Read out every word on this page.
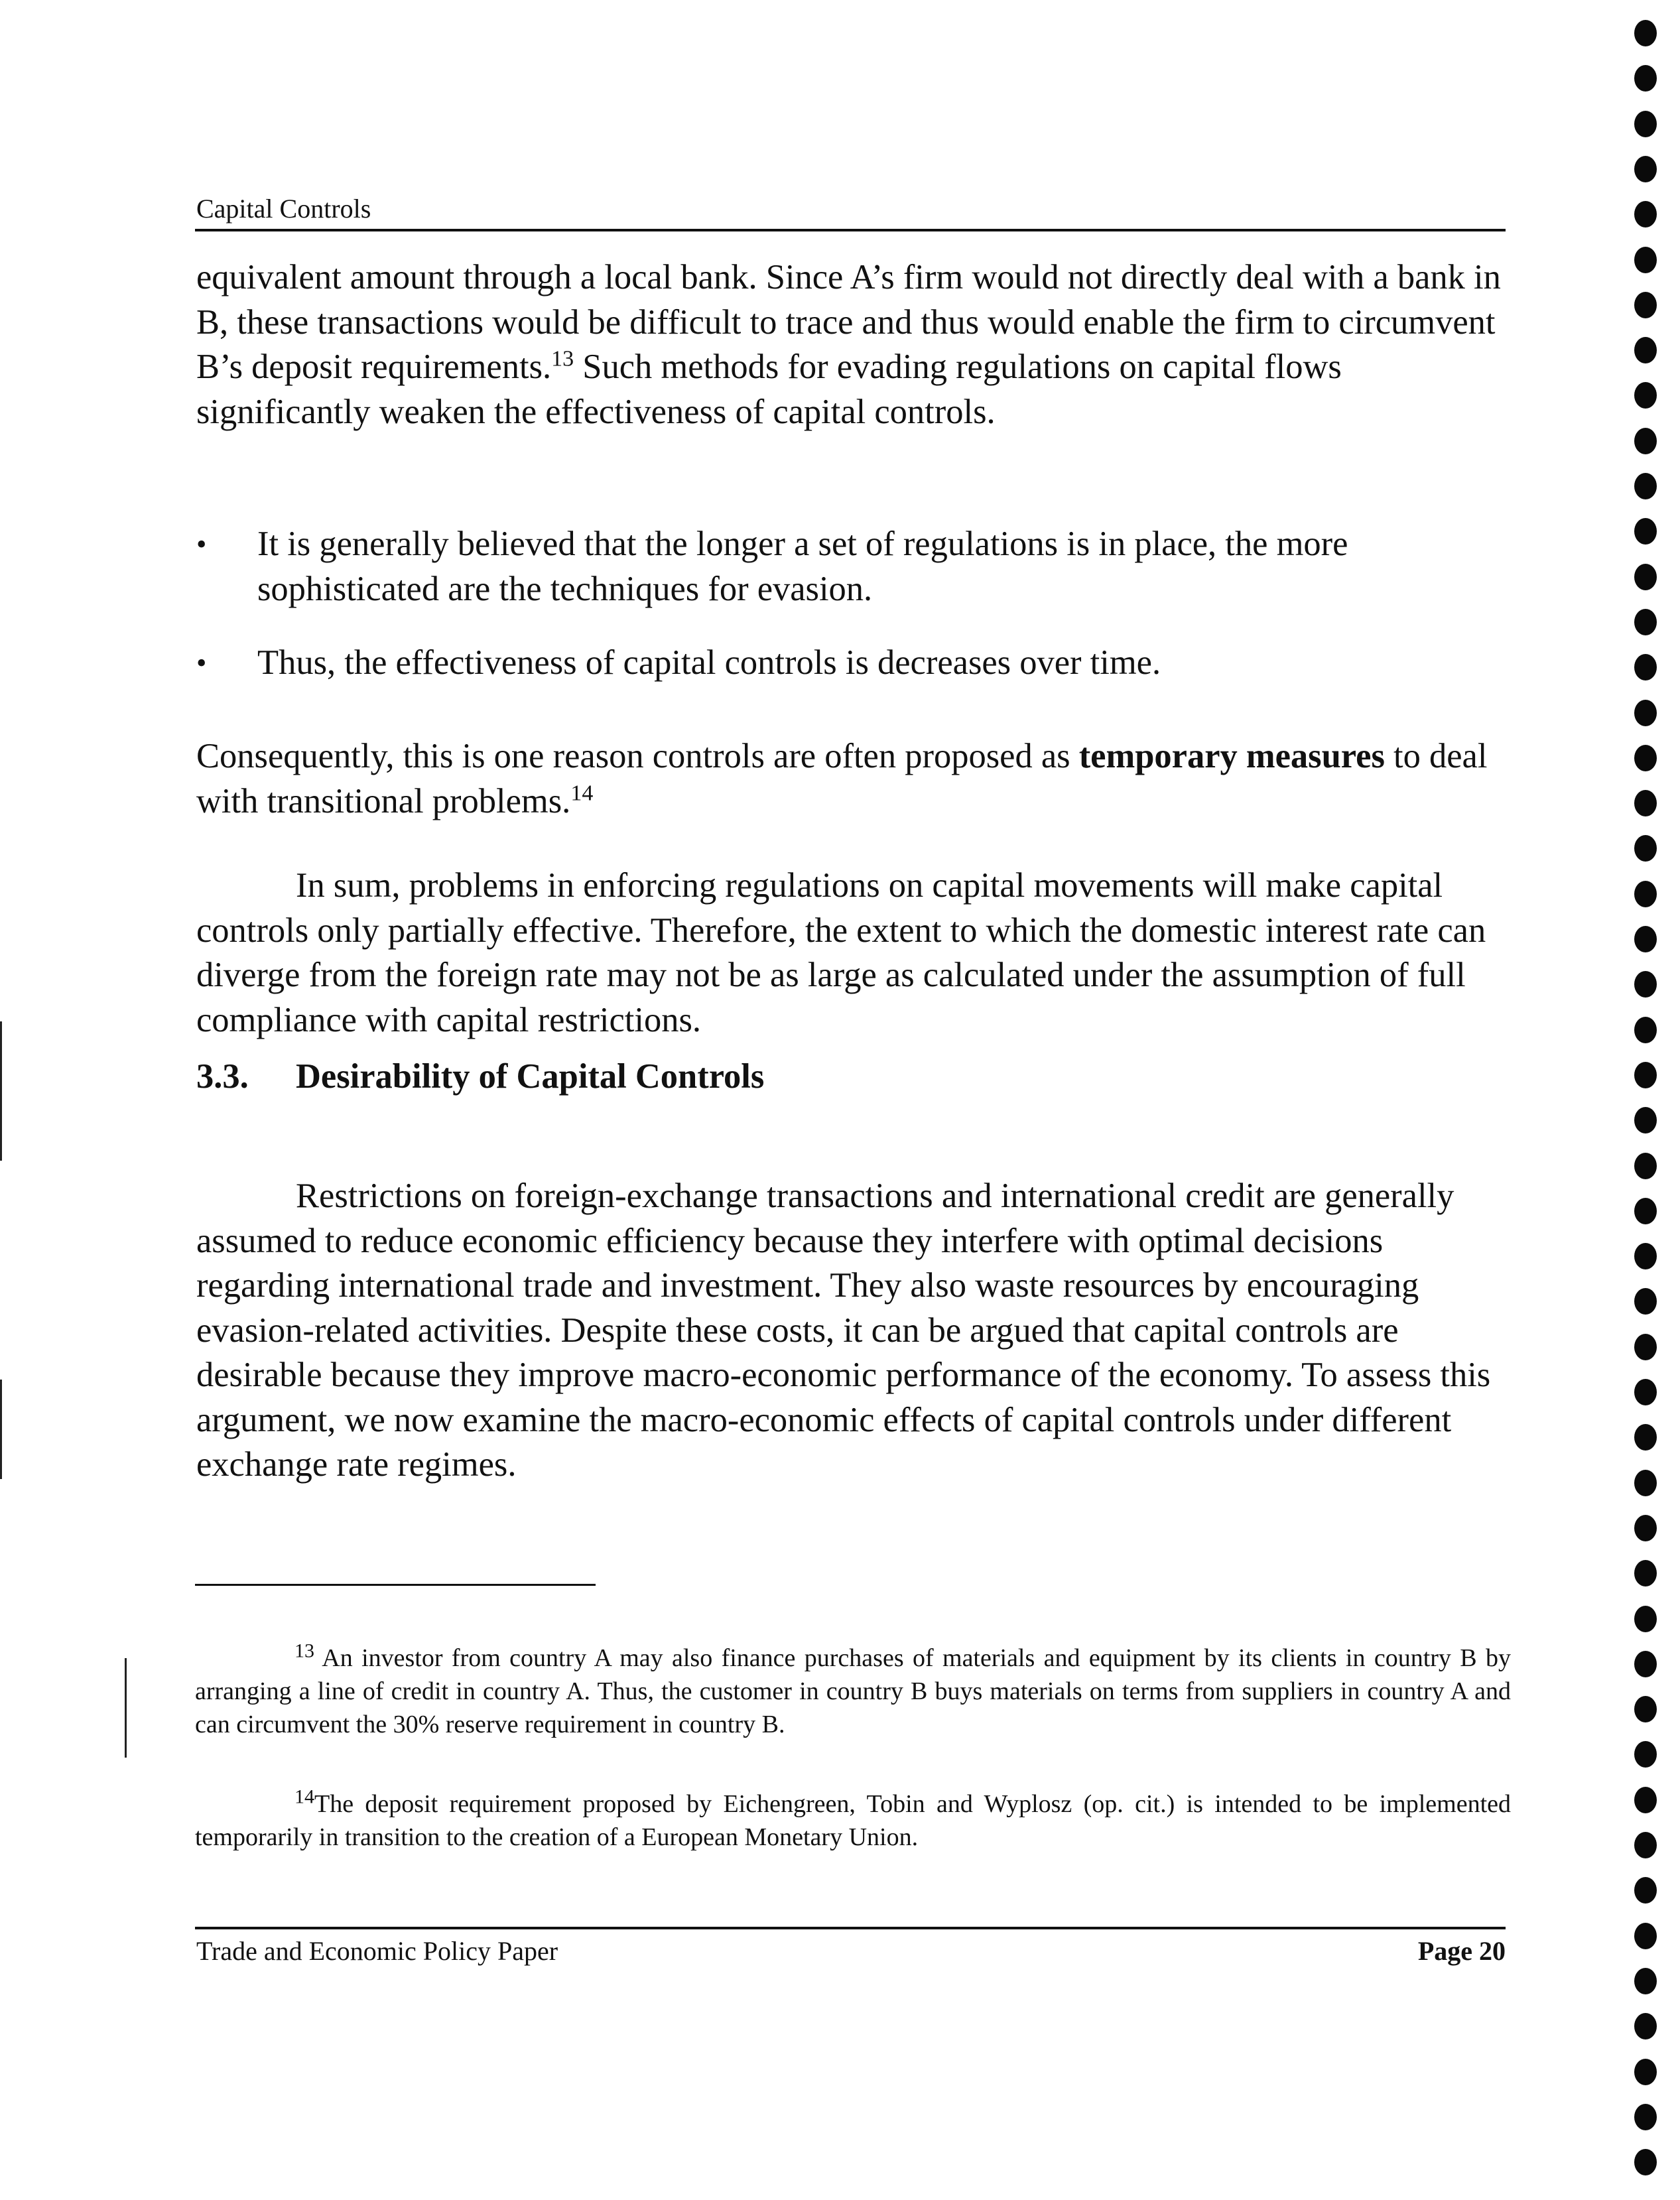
Capital Controls
equivalent amount through a local bank. Since A’s firm would not directly deal with a bank in B, these transactions would be difficult to trace and thus would enable the firm to circumvent B’s deposit requirements.$^{13}$ Such methods for evading regulations on capital flows significantly weaken the effectiveness of capital controls.
• It is generally believed that the longer a set of regulations is in place, the more sophisticated are the techniques for evasion.
• Thus, the effectiveness of capital controls is decreases over time.
Consequently, this is one reason controls are often proposed as temporary measures to deal with transitional problems.$^{14}$
In sum, problems in enforcing regulations on capital movements will make capital controls only partially effective. Therefore, the extent to which the domestic interest rate can diverge from the foreign rate may not be as large as calculated under the assumption of full compliance with capital restrictions.
3.3. Desirability of Capital Controls
Restrictions on foreign-exchange transactions and international credit are generally assumed to reduce economic efficiency because they interfere with optimal decisions regarding international trade and investment. They also waste resources by encouraging evasion-related activities. Despite these costs, it can be argued that capital controls are desirable because they improve macro-economic performance of the economy. To assess this argument, we now examine the macro-economic effects of capital controls under different exchange rate regimes.
$^{13}$ An investor from country A may also finance purchases of materials and equipment by its clients in country B by arranging a line of credit in country A. Thus, the customer in country B buys materials on terms from suppliers in country A and can circumvent the 30% reserve requirement in country B.
$^{14}$The deposit requirement proposed by Eichengreen, Tobin and Wyplosz (op. cit.) is intended to be implemented temporarily in transition to the creation of a European Monetary Union.
Trade and Economic Policy Paper	Page 20
